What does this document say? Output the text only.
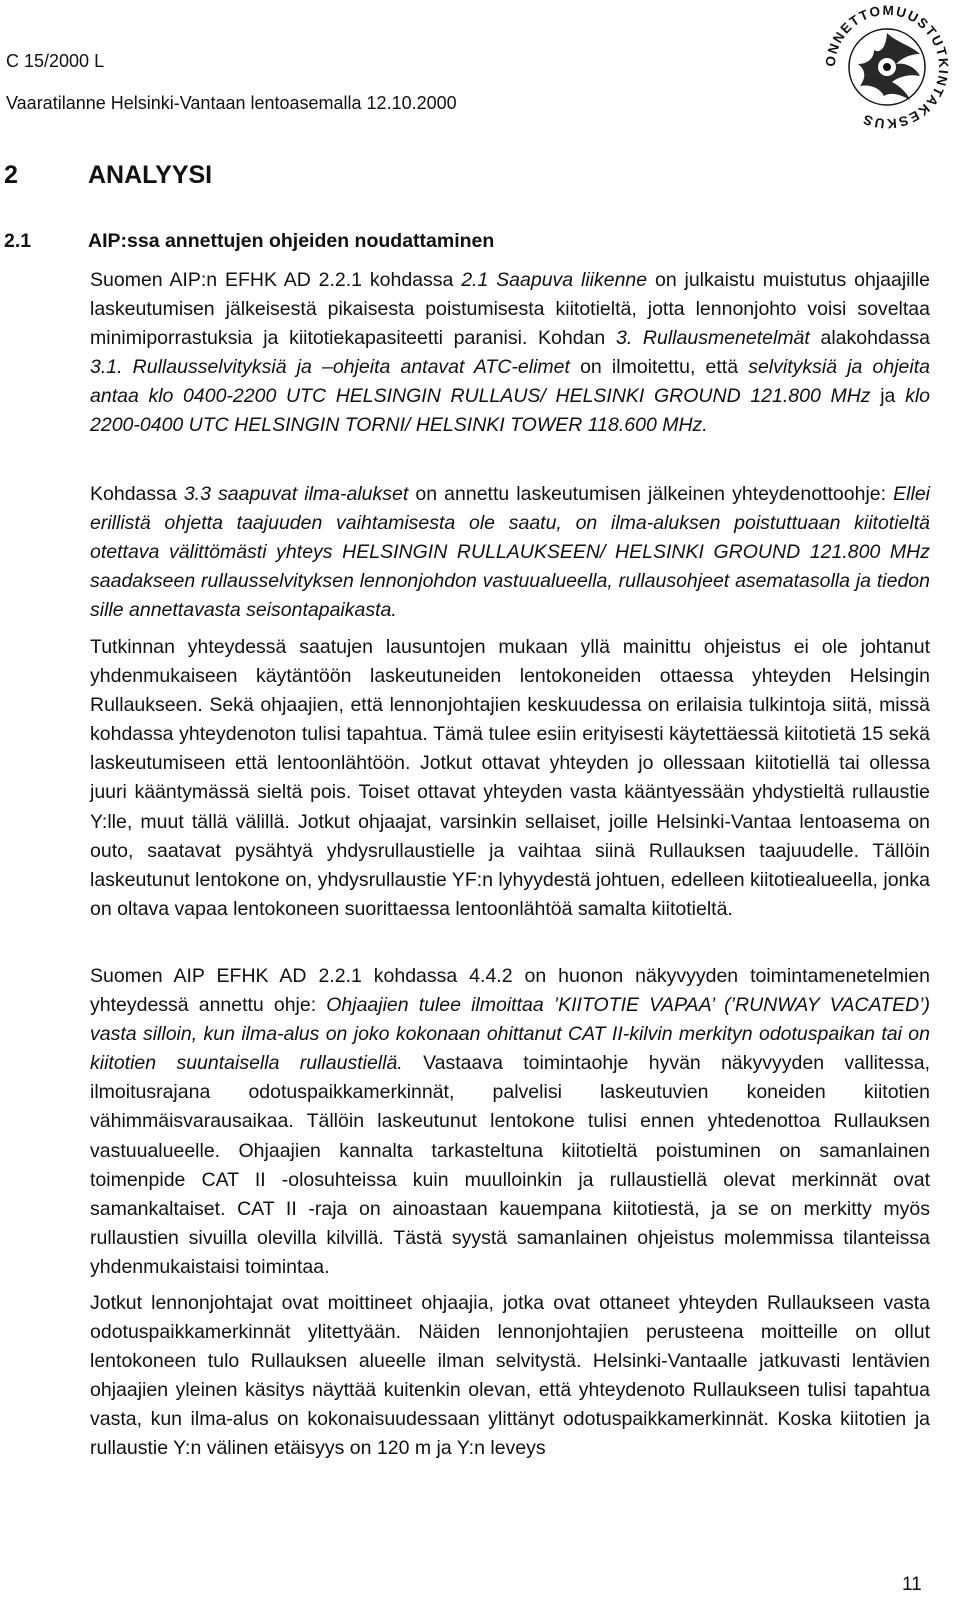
C 15/2000 L
Vaaratilanne Helsinki-Vantaan lentoasemalla 12.10.2000
ONNETTOMUUSTUTKINTAKESKUS
2	ANALYYSI
2.1	AIP:ssa annettujen ohjeiden noudattaminen

Suomen AIP:n EFHK AD 2.2.1 kohdassa 2.1 Saapuva liikenne on julkaistu muistutus ohjaajille laskeutumisen jälkeisestä pikaisesta poistumisesta kiitotieltä, jotta lennonjohto voisi soveltaa minimiporrastuksia ja kiitotiekapasiteetti paranisi. Kohdan 3. Rullausmenetelmät alakohdassa 3.1. Rullausselvityksiä ja –ohjeita antavat ATC-elimet on ilmoitettu, että selvityksiä ja ohjeita antaa klo 0400-2200 UTC HELSINGIN RULLAUS/ HELSINKI GROUND 121.800 MHz ja klo 2200-0400 UTC HELSINGIN TORNI/ HELSINKI TOWER 118.600 MHz.

Kohdassa 3.3 saapuvat ilma-alukset on annettu laskeutumisen jälkeinen yhteydenottoohje: Ellei erillistä ohjetta taajuuden vaihtamisesta ole saatu, on ilma-aluksen poistuttuaan kiitotieltä otettava välittömästi yhteys HELSINGIN RULLAUKSEEN/ HELSINKI GROUND 121.800 MHz saadakseen rullausselvityksen lennonjohdon vastuualueella, rullausohjeet asematasolla ja tiedon sille annettavasta seisontapaikasta.

Tutkinnan yhteydessä saatujen lausuntojen mukaan yllä mainittu ohjeistus ei ole johtanut yhdenmukaiseen käytäntöön laskeutuneiden lentokoneiden ottaessa yhteyden Helsingin Rullaukseen. Sekä ohjaajien, että lennonjohtajien keskuudessa on erilaisia tulkintoja siitä, missä kohdassa yhteydenoton tulisi tapahtua. Tämä tulee esiin erityisesti käytettäessä kiitotietä 15 sekä laskeutumiseen että lentoonlähtöön. Jotkut ottavat yhteyden jo ollessaan kiitotiellä tai ollessa juuri kääntymässä sieltä pois. Toiset ottavat yhteyden vasta kääntyessään yhdystieltä rullaustie Y:lle, muut tällä välillä. Jotkut ohjaajat, varsinkin sellaiset, joille Helsinki-Vantaa lentoasema on outo, saatavat pysähtyä yhdysrullaustielle ja vaihtaa siinä Rullauksen taajuudelle. Tällöin laskeutunut lentokone on, yhdysrullaustie YF:n lyhyydestä johtuen, edelleen kiitotiealueella, jonka on oltava vapaa lentokoneen suorittaessa lentoonlähtöä samalta kiitotieltä.

Suomen AIP EFHK AD 2.2.1 kohdassa 4.4.2 on huonon näkyvyyden toimintamenetelmien yhteydessä annettu ohje: Ohjaajien tulee ilmoittaa ’KIITOTIE VAPAA’ (’RUNWAY VACATED’) vasta silloin, kun ilma-alus on joko kokonaan ohittanut CAT II-kilvin merkityn odotuspaikan tai on kiitotien suuntaisella rullaustiellä. Vastaava toimintaohje hyvän näkyvyyden vallitessa, ilmoitusrajana odotuspaikkamerkinnät, palvelisi laskeutuvien koneiden kiitotien vähimmäisvarausaikaa. Tällöin laskeutunut lentokone tulisi ennen yhtedenottoa Rullauksen vastuualueelle. Ohjaajien kannalta tarkasteltuna kiitotieltä poistuminen on samanlainen toimenpide CAT II -olosuhteissa kuin muulloinkin ja rullaustiellä olevat merkinnät ovat samankaltaiset. CAT II -raja on ainoastaan kauempana kiitotiestä, ja se on merkitty myös rullaustien sivuilla olevilla kilvillä. Tästä syystä samanlainen ohjeistus molemmissa tilanteissa yhdenmukaistaisi toimintaa.

Jotkut lennonjohtajat ovat moittineet ohjaajia, jotka ovat ottaneet yhteyden Rullaukseen vasta odotuspaikkamerkinnät ylitettyään. Näiden lennonjohtajien perusteena moitteille on ollut lentokoneen tulo Rullauksen alueelle ilman selvitystä. Helsinki-Vantaalle jatkuvasti lentävien ohjaajien yleinen käsitys näyttää kuitenkin olevan, että yhteydenoto Rullaukseen tulisi tapahtua vasta, kun ilma-alus on kokonaisuudessaan ylittänyt odotuspaikkamerkinnät. Koska kiitotien ja rullaustie Y:n välinen etäisyys on 120 m ja Y:n leveys

11
